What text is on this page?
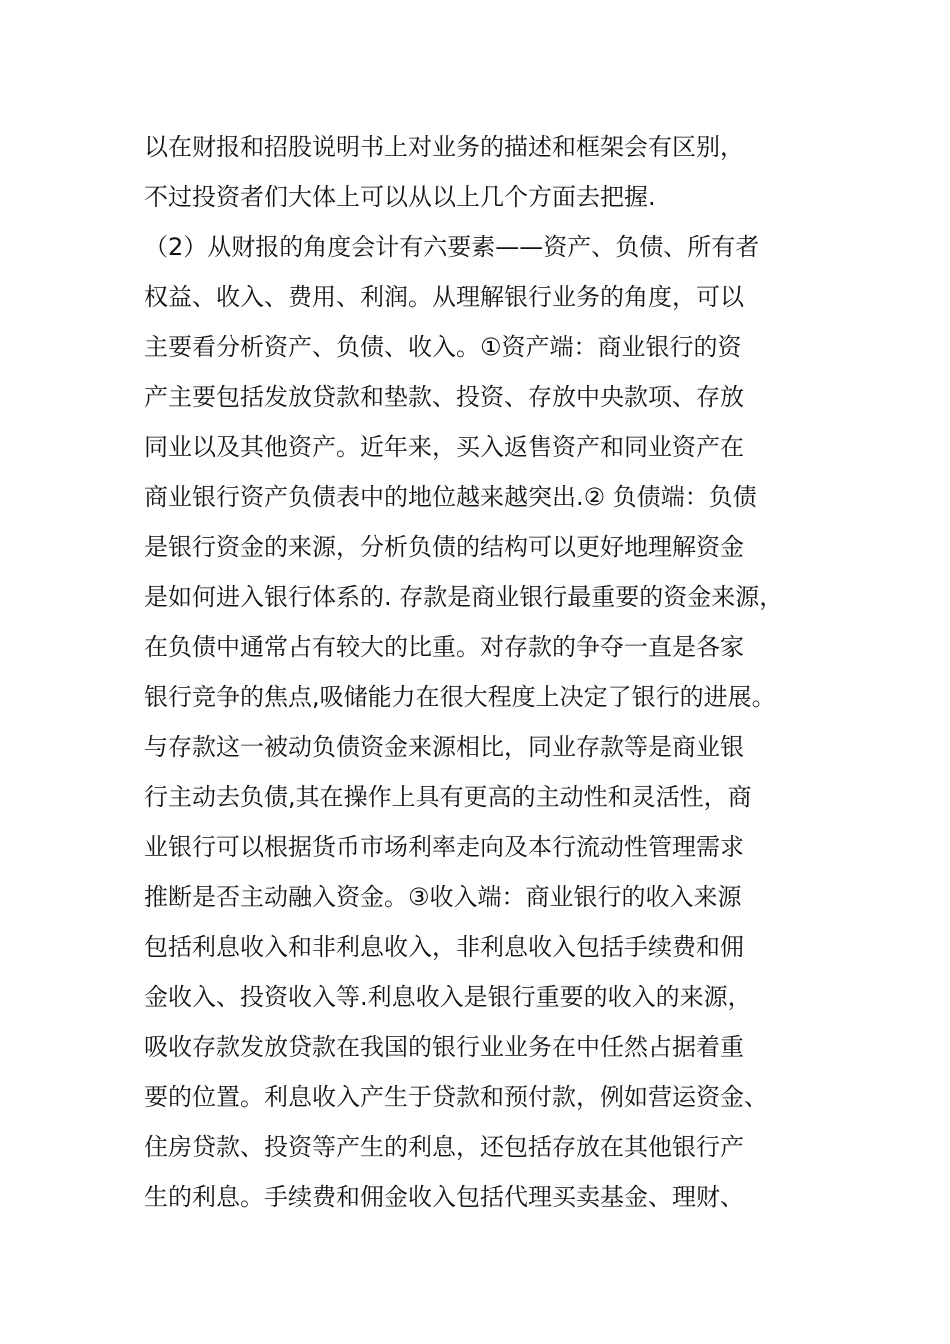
以在财报和招股说明书上对业务的描述和框架会有区别，
不过投资者们大体上可以从以上几个方面去把握.
（2）从财报的角度会计有六要素——资产、负债、所有者
权益、收入、费用、利润。从理解银行业务的角度，可以
主要看分析资产、负债、收入。①资产端：商业银行的资
产主要包括发放贷款和垫款、投资、存放中央款项、存放
同业以及其他资产。近年来，买入返售资产和同业资产在
商业银行资产负债表中的地位越来越突出.② 负债端：负债
是银行资金的来源，分析负债的结构可以更好地理解资金
是如何进入银行体系的. 存款是商业银行最重要的资金来源，
在负债中通常占有较大的比重。对存款的争夺一直是各家
银行竞争的焦点,吸储能力在很大程度上决定了银行的进展。
与存款这一被动负债资金来源相比，同业存款等是商业银
行主动去负债,其在操作上具有更高的主动性和灵活性，商
业银行可以根据货币市场利率走向及本行流动性管理需求
推断是否主动融入资金。③收入端：商业银行的收入来源
包括利息收入和非利息收入，非利息收入包括手续费和佣
金收入、投资收入等.利息收入是银行重要的收入的来源，
吸收存款发放贷款在我国的银行业业务在中任然占据着重
要的位置。利息收入产生于贷款和预付款，例如营运资金、
住房贷款、投资等产生的利息，还包括存放在其他银行产
生的利息。手续费和佣金收入包括代理买卖基金、理财、
